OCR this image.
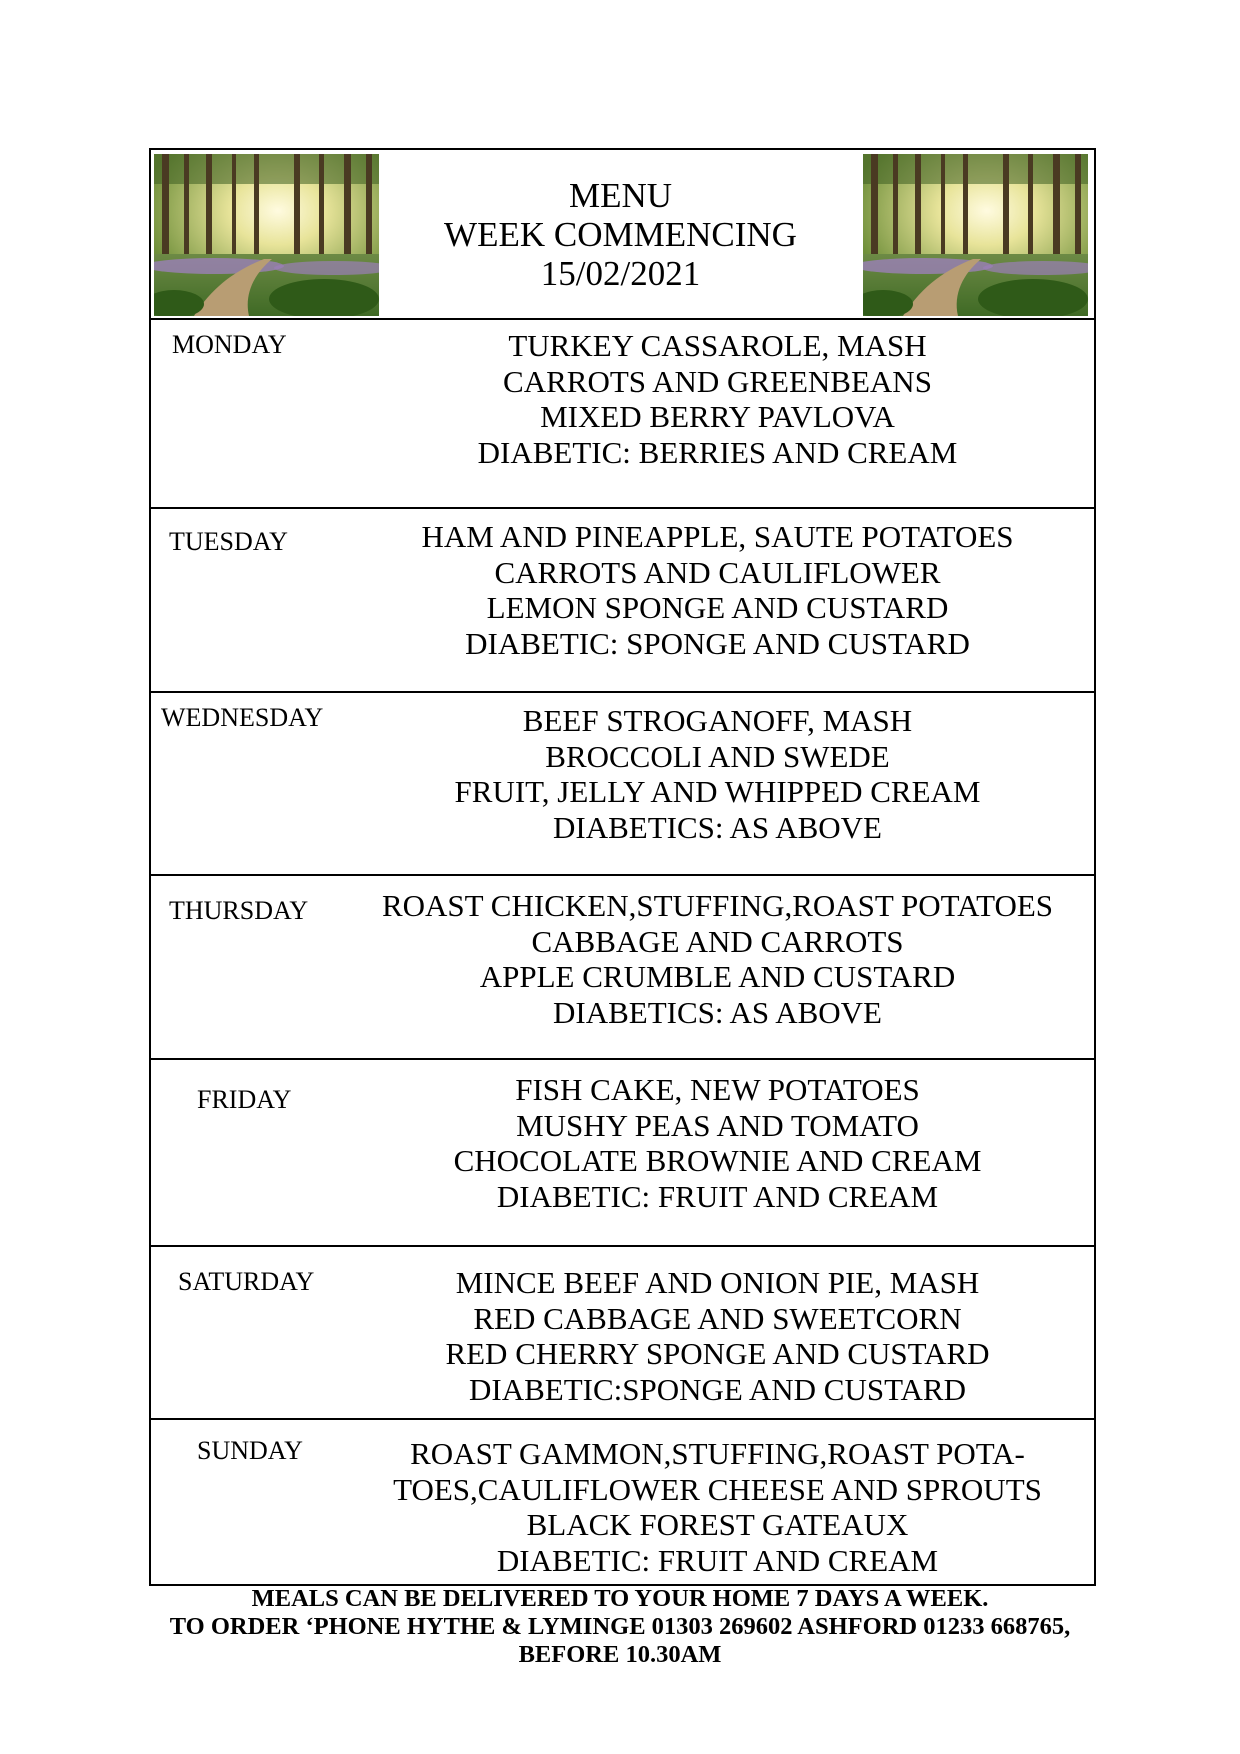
MENU
WEEK COMMENCING
15/02/2021
MONDAY	TURKEY CASSAROLE, MASH
CARROTS AND GREENBEANS
MIXED BERRY PAVLOVA
DIABETIC: BERRIES AND CREAM
TUESDAY	HAM AND PINEAPPLE, SAUTE POTATOES
CARROTS AND CAULIFLOWER
LEMON SPONGE AND CUSTARD
DIABETIC: SPONGE AND CUSTARD
WEDNESDAY	BEEF STROGANOFF, MASH
BROCCOLI AND SWEDE
FRUIT, JELLY AND WHIPPED CREAM
DIABETICS: AS ABOVE
THURSDAY	ROAST CHICKEN,STUFFING,ROAST POTATOES
CABBAGE AND CARROTS
APPLE CRUMBLE AND CUSTARD
DIABETICS: AS ABOVE
FRIDAY	FISH CAKE, NEW POTATOES
MUSHY PEAS AND TOMATO
CHOCOLATE BROWNIE AND CREAM
DIABETIC: FRUIT AND CREAM
SATURDAY	MINCE BEEF AND ONION PIE, MASH
RED CABBAGE AND SWEETCORN
RED CHERRY SPONGE AND CUSTARD
DIABETIC:SPONGE AND CUSTARD
SUNDAY	ROAST GAMMON,STUFFING,ROAST POTA-
TOES,CAULIFLOWER CHEESE AND SPROUTS
BLACK FOREST GATEAUX
DIABETIC: FRUIT AND CREAM
MEALS CAN BE DELIVERED TO YOUR HOME 7 DAYS A WEEK.
TO ORDER ‘PHONE HYTHE & LYMINGE 01303 269602 ASHFORD 01233 668765,
BEFORE 10.30AM
